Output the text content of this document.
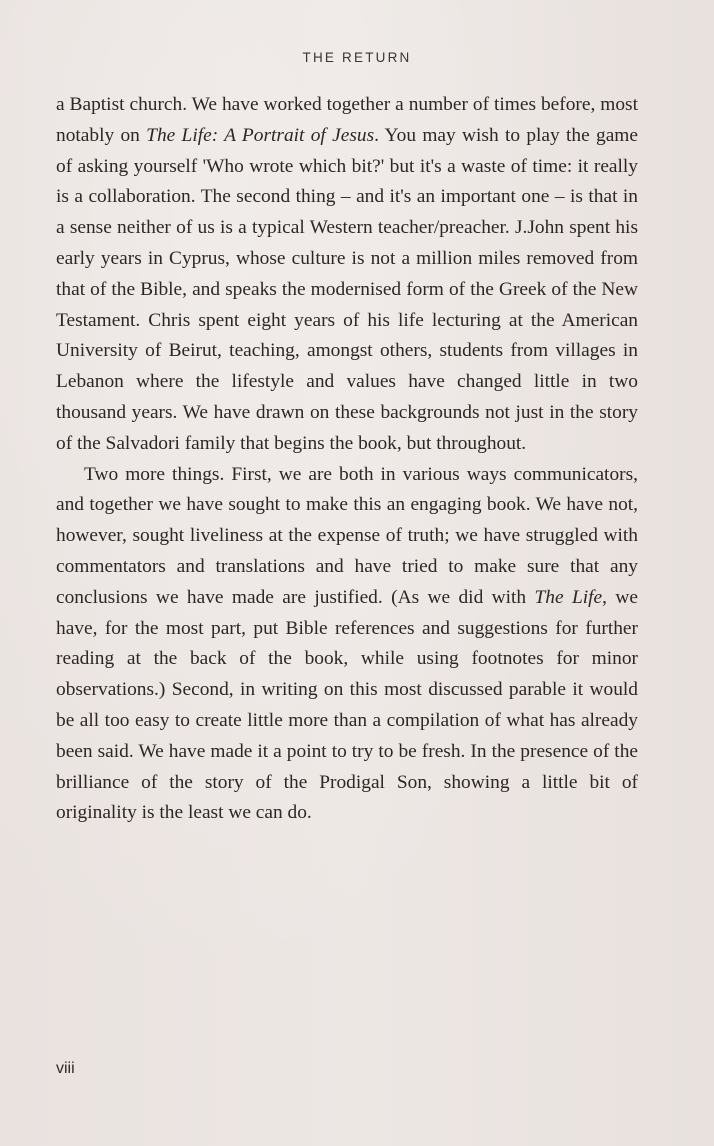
THE RETURN

a Baptist church. We have worked together a number of times before, most notably on The Life: A Portrait of Jesus. You may wish to play the game of asking yourself 'Who wrote which bit?' but it's a waste of time: it really is a collaboration. The second thing – and it's an important one – is that in a sense neither of us is a typical Western teacher/preacher. J.John spent his early years in Cyprus, whose culture is not a million miles removed from that of the Bible, and speaks the modernised form of the Greek of the New Testament. Chris spent eight years of his life lecturing at the American University of Beirut, teaching, amongst others, students from villages in Lebanon where the lifestyle and values have changed little in two thousand years. We have drawn on these backgrounds not just in the story of the Salvadori family that begins the book, but throughout.

Two more things. First, we are both in various ways communicators, and together we have sought to make this an engaging book. We have not, however, sought liveliness at the expense of truth; we have struggled with commentators and translations and have tried to make sure that any conclusions we have made are justified. (As we did with The Life, we have, for the most part, put Bible references and suggestions for further reading at the back of the book, while using footnotes for minor observations.) Second, in writing on this most discussed parable it would be all too easy to create little more than a compilation of what has already been said. We have made it a point to try to be fresh. In the presence of the brilliance of the story of the Prodigal Son, showing a little bit of originality is the least we can do.

viii
